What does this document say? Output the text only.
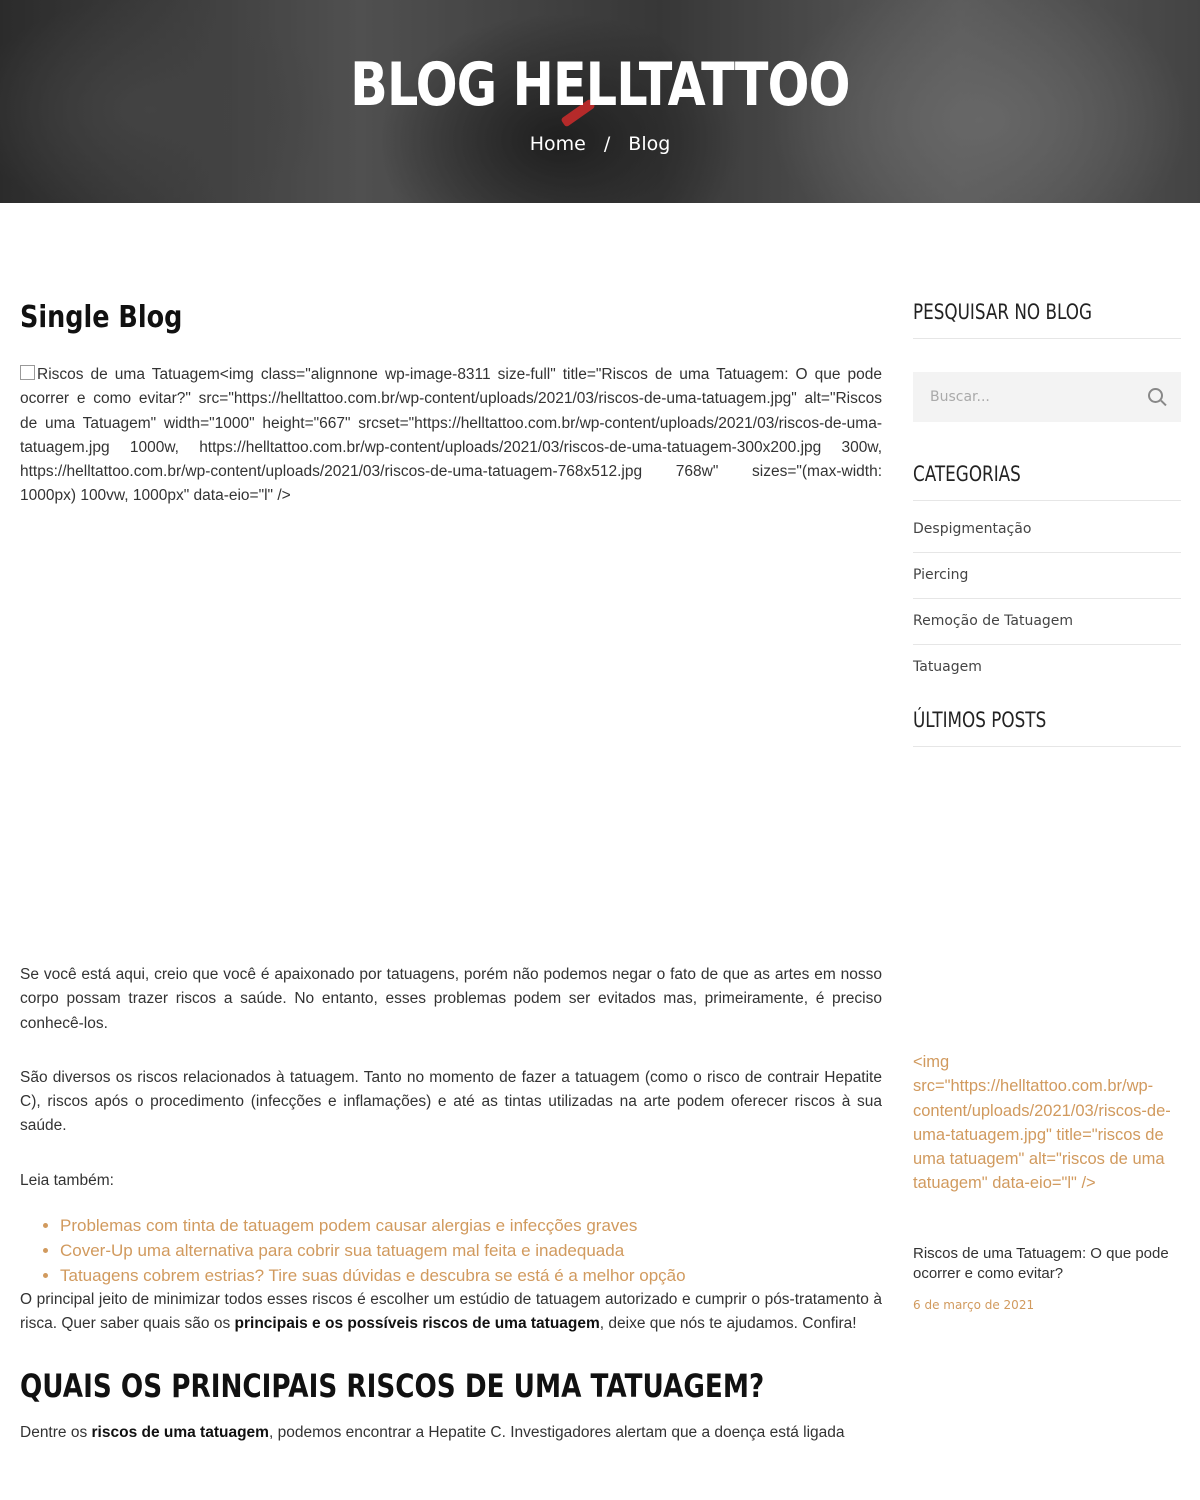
BLOG HELLTATTOO
Home / Blog
Single Blog
Riscos de uma Tatuagem<img class="alignnone wp-image-8311 size-full" title="Riscos de uma Tatuagem: O que pode ocorrer e como evitar?" src="https://helltattoo.com.br/wp-content/uploads/2021/03/riscos-de-uma-tatuagem.jpg" alt="Riscos de uma Tatuagem" width="1000" height="667" srcset="https://helltattoo.com.br/wp-content/uploads/2021/03/riscos-de-uma-tatuagem.jpg 1000w, https://helltattoo.com.br/wp-content/uploads/2021/03/riscos-de-uma-tatuagem-300x200.jpg 300w, https://helltattoo.com.br/wp-content/uploads/2021/03/riscos-de-uma-tatuagem-768x512.jpg 768w" sizes="(max-width: 1000px) 100vw, 1000px" data-eio="l" />

Se você está aqui, creio que você é apaixonado por tatuagens, porém não podemos negar o fato de que as artes em nosso corpo possam trazer riscos a saúde. No entanto, esses problemas podem ser evitados mas, primeiramente, é preciso conhecê-los.

São diversos os riscos relacionados à tatuagem. Tanto no momento de fazer a tatuagem (como o risco de contrair Hepatite C), riscos após o procedimento (infecções e inflamações) e até as tintas utilizadas na arte podem oferecer riscos à sua saúde.

Leia também:

• Problemas com tinta de tatuagem podem causar alergias e infecções graves
• Cover-Up uma alternativa para cobrir sua tatuagem mal feita e inadequada
• Tatuagens cobrem estrias? Tire suas dúvidas e descubra se está é a melhor opção

O principal jeito de minimizar todos esses riscos é escolher um estúdio de tatuagem autorizado e cumprir o pós-tratamento à risca. Quer saber quais são os principais e os possíveis riscos de uma tatuagem, deixe que nós te ajudamos. Confira!

QUAIS OS PRINCIPAIS RISCOS DE UMA TATUAGEM?

Dentre os riscos de uma tatuagem, podemos encontrar a Hepatite C. Investigadores alertam que a doença está ligada

PESQUISAR NO BLOG
Buscar...
CATEGORIAS
Despigmentação
Piercing
Remoção de Tatuagem
Tatuagem
ÚLTIMOS POSTS
<img src="https://helltattoo.com.br/wp-content/uploads/2021/03/riscos-de-uma-tatuagem.jpg" title="riscos de uma tatuagem" alt="riscos de uma tatuagem" data-eio="l" />
Riscos de uma Tatuagem: O que pode ocorrer e como evitar?
6 de março de 2021
